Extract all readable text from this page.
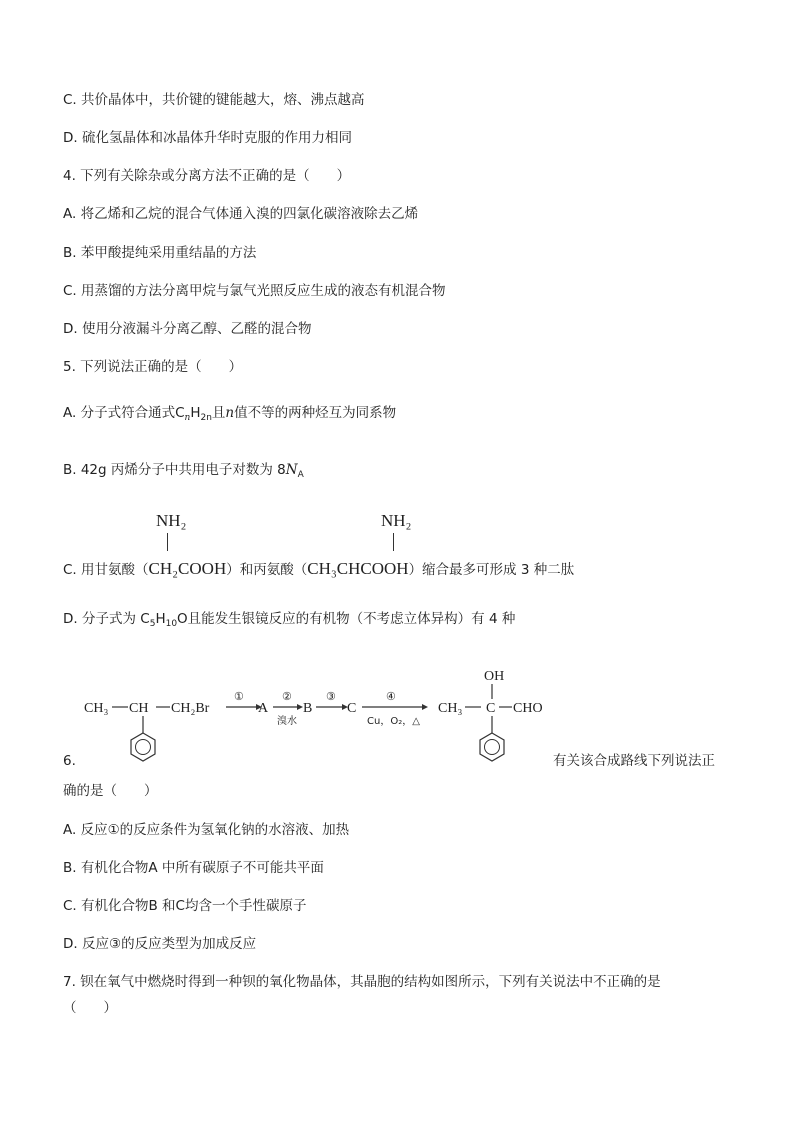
C. 共价晶体中，共价键的键能越大，熔、沸点越高
D. 硫化氢晶体和冰晶体升华时克服的作用力相同
4. 下列有关除杂或分离方法不正确的是（　　）
A. 将乙烯和乙烷的混合气体通入溴的四氯化碳溶液除去乙烯
B. 苯甲酸提纯采用重结晶的方法
C. 用蒸馏的方法分离甲烷与氯气光照反应生成的液态有机混合物
D. 使用分液漏斗分离乙醇、乙醛的混合物
5. 下列说法正确的是（　　）
A. 分子式符合通式$C_nH_{2n}$且n值不等的两种烃互为同系物
B. 42g 丙烯分子中共用电子对数为 $8N_A$
NH₂	NH₂
C. 用甘氨酸（CH₂COOH）和丙氨酸（CH₃CHCOOH）缩合最多可形成 3 种二肽
D. 分子式为 $C_5H_{10}O$且能发生银镜反应的有机物（不考虑立体异构）有 4 种
CH₃ CH CH₂Br
①
A
②
溴水
B
③
C
④
Cu，O₂，△
OH
CH₃ C CHO
6.	有关该合成路线下列说法正
确的是（　　）
A. 反应①的反应条件为氢氧化钠的水溶液、加热
B. 有机化合物A 中所有碳原子不可能共平面
C. 有机化合物B 和C均含一个手性碳原子
D. 反应③的反应类型为加成反应
7. 钡在氧气中燃烧时得到一种钡的氧化物晶体，其晶胞的结构如图所示，下列有关说法中不正确的是
（　　）
